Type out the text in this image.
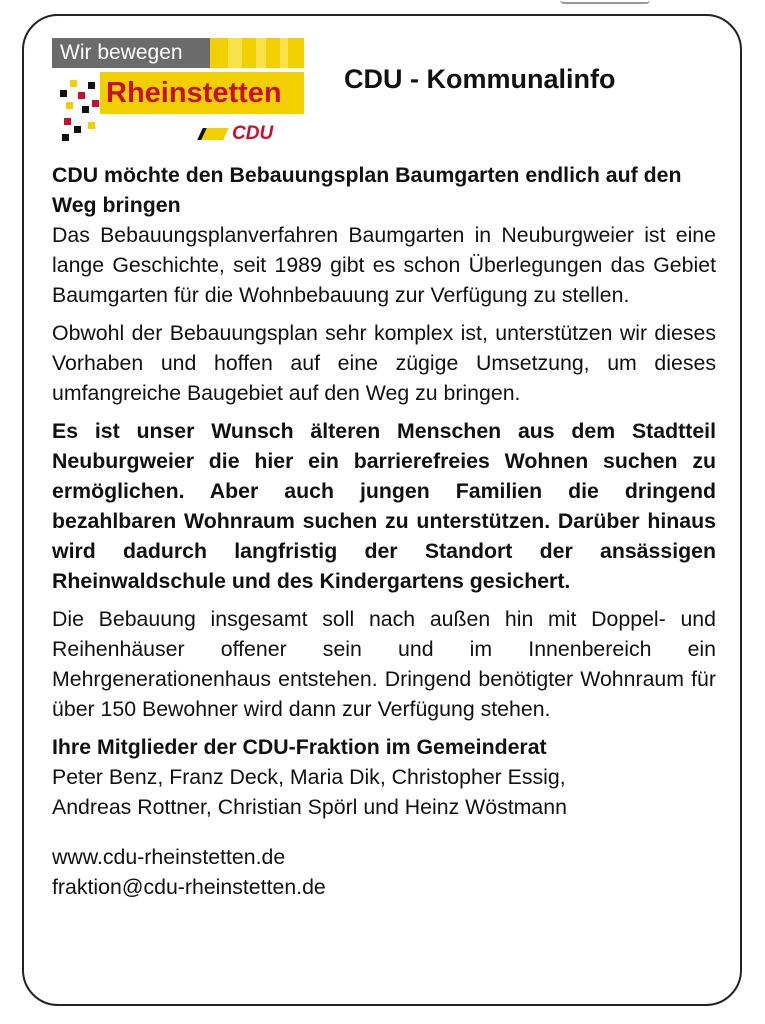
Wir bewegen
Rheinstetten
CDU
CDU - Kommunalinfo

CDU möchte den Bebauungsplan Baumgarten endlich auf den Weg bringen

Das Bebauungsplanverfahren Baumgarten in Neuburgweier ist eine lange Geschichte, seit 1989 gibt es schon Überlegungen das Gebiet Baumgarten für die Wohnbebauung zur Verfügung zu stellen.

Obwohl der Bebauungsplan sehr komplex ist, unterstützen wir dieses Vorhaben und hoffen auf eine zügige Umsetzung, um dieses umfangreiche Baugebiet auf den Weg zu bringen.

Es ist unser Wunsch älteren Menschen aus dem Stadtteil Neuburgweier die hier ein barrierefreies Wohnen suchen zu ermöglichen. Aber auch jungen Familien die dringend bezahlbaren Wohnraum suchen zu unterstützen. Darüber hinaus wird dadurch langfristig der Standort der ansässigen Rheinwaldschule und des Kindergartens gesichert.

Die Bebauung insgesamt soll nach außen hin mit Doppel- und Reihenhäuser offener sein und im Innenbereich ein Mehrgenerationenhaus entstehen. Dringend benötigter Wohnraum für über 150 Bewohner wird dann zur Verfügung stehen.

Ihre Mitglieder der CDU-Fraktion im Gemeinderat
Peter Benz, Franz Deck, Maria Dik, Christopher Essig,
Andreas Rottner, Christian Spörl und Heinz Wöstmann

www.cdu-rheinstetten.de
fraktion@cdu-rheinstetten.de
